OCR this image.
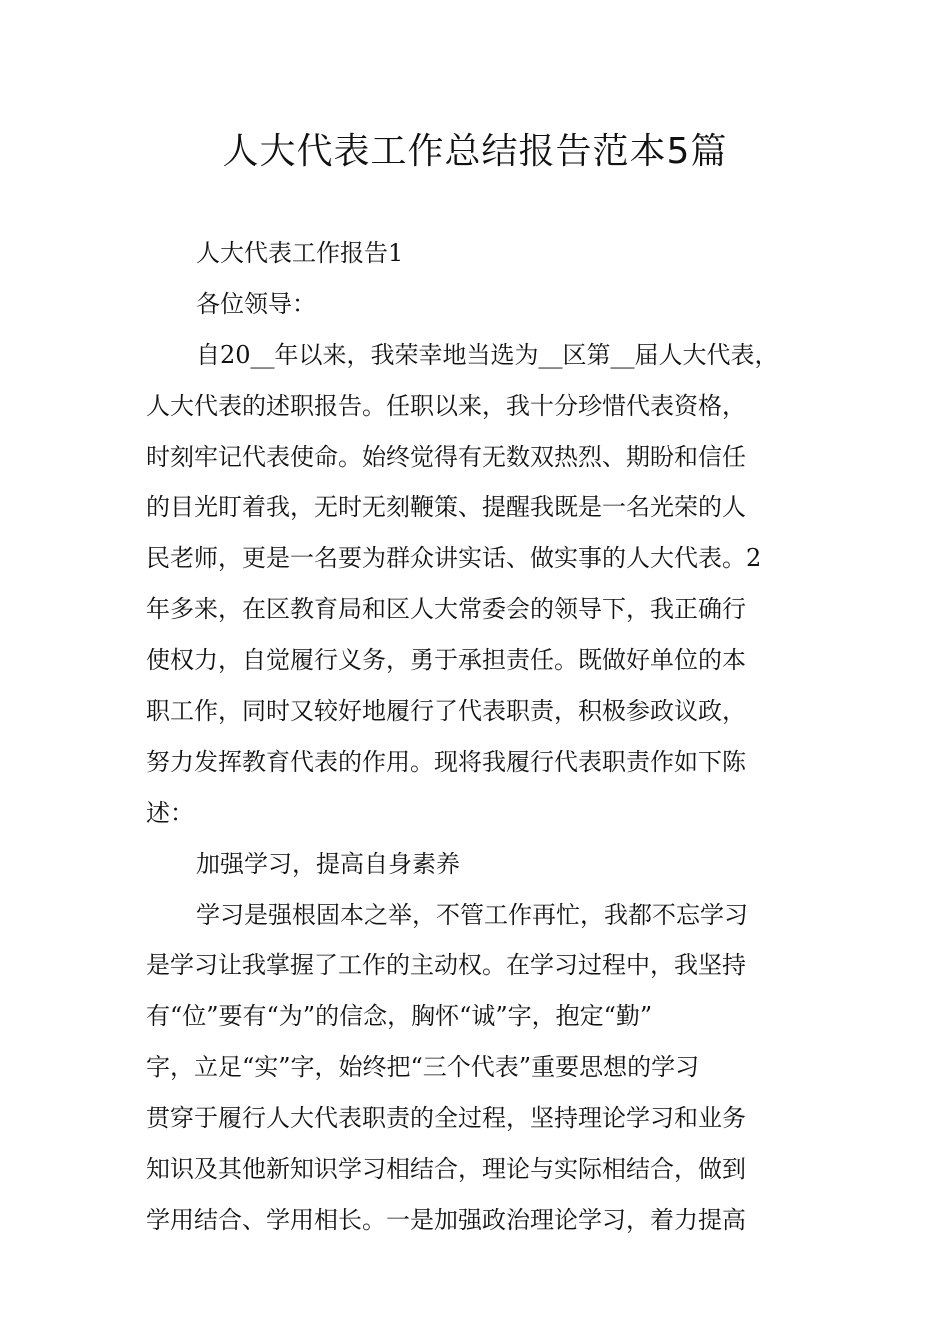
人大代表工作总结报告范本5篇
人大代表工作报告1
各位领导：
自20__年以来，我荣幸地当选为__区第__届人大代表，
人大代表的述职报告。任职以来，我十分珍惜代表资格，
时刻牢记代表使命。始终觉得有无数双热烈、期盼和信任
的目光盯着我，无时无刻鞭策、提醒我既是一名光荣的人
民老师，更是一名要为群众讲实话、做实事的人大代表。2
年多来，在区教育局和区人大常委会的领导下，我正确行
使权力，自觉履行义务，勇于承担责任。既做好单位的本
职工作，同时又较好地履行了代表职责，积极参政议政，
努力发挥教育代表的作用。现将我履行代表职责作如下陈
述：
加强学习，提高自身素养
学习是强根固本之举，不管工作再忙，我都不忘学习
是学习让我掌握了工作的主动权。在学习过程中，我坚持
有“位”要有“为”的信念，胸怀“诚”字，抱定“勤”
字，立足“实”字，始终把“三个代表”重要思想的学习
贯穿于履行人大代表职责的全过程，坚持理论学习和业务
知识及其他新知识学习相结合，理论与实际相结合，做到
学用结合、学用相长。一是加强政治理论学习，着力提高
